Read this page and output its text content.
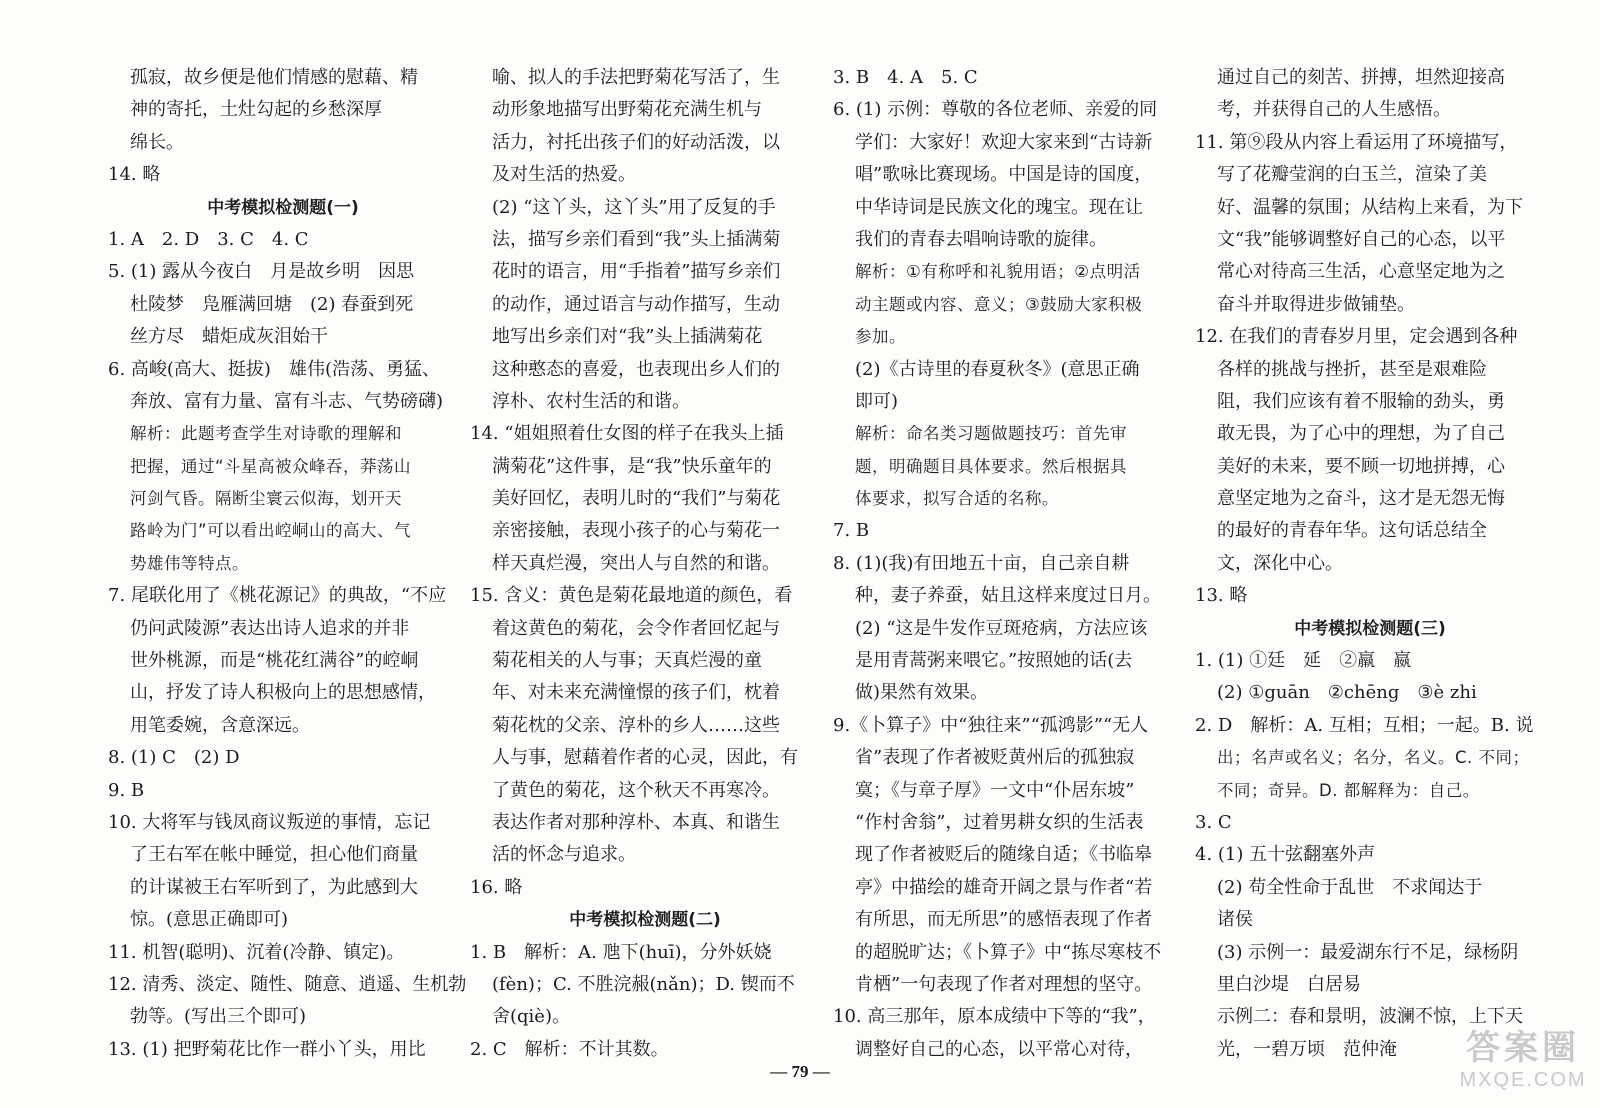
孤寂，故乡便是他们情感的慰藉、精
神的寄托，土灶勾起的乡愁深厚
绵长。
14. 略
中考模拟检测题(一)
1. A　2. D　3. C　4. C
5. (1) 露从今夜白　月是故乡明　因思
杜陵梦　凫雁满回塘　(2) 春蚕到死
丝方尽　蜡炬成灰泪始干
6. 高峻(高大、挺拔)　雄伟(浩荡、勇猛、
奔放、富有力量、富有斗志、气势磅礴)
解析：此题考查学生对诗歌的理解和
把握，通过“斗星高被众峰吞，莽荡山
河剑气昏。隔断尘寰云似海，划开天
路岭为门”可以看出崆峒山的高大、气
势雄伟等特点。
7. 尾联化用了《桃花源记》的典故，“不应
仍问武陵源”表达出诗人追求的并非
世外桃源，而是“桃花红满谷”的崆峒
山，抒发了诗人积极向上的思想感情，
用笔委婉，含意深远。
8. (1) C　(2) D
9. B
10. 大将军与钱凤商议叛逆的事情，忘记
了王右军在帐中睡觉，担心他们商量
的计谋被王右军听到了，为此感到大
惊。(意思正确即可)
11. 机智(聪明)、沉着(冷静、镇定)。
12. 清秀、淡定、随性、随意、逍遥、生机勃
勃等。(写出三个即可)
13. (1) 把野菊花比作一群小丫头，用比
喻、拟人的手法把野菊花写活了，生
动形象地描写出野菊花充满生机与
活力，衬托出孩子们的好动活泼，以
及对生活的热爱。
(2) “这丫头，这丫头”用了反复的手
法，描写乡亲们看到“我”头上插满菊
花时的语言，用“手指着”描写乡亲们
的动作，通过语言与动作描写，生动
地写出乡亲们对“我”头上插满菊花
这种憨态的喜爱，也表现出乡人们的
淳朴、农村生活的和谐。
14. “姐姐照着仕女图的样子在我头上插
满菊花”这件事，是“我”快乐童年的
美好回忆，表明儿时的“我们”与菊花
亲密接触，表现小孩子的心与菊花一
样天真烂漫，突出人与自然的和谐。
15. 含义：黄色是菊花最地道的颜色，看
着这黄色的菊花，会令作者回忆起与
菊花相关的人与事；天真烂漫的童
年、对未来充满憧憬的孩子们，枕着
菊花枕的父亲、淳朴的乡人……这些
人与事，慰藉着作者的心灵，因此，有
了黄色的菊花，这个秋天不再寒冷。
表达作者对那种淳朴、本真、和谐生
活的怀念与追求。
16. 略
中考模拟检测题(二)
1. B　解析：A. 虺下(huī)，分外妖娆
(fèn)；C. 不胜浣赧(nǎn)；D. 锲而不
舍(qiè)。
2. C　解析：不计其数。
3. B　4. A　5. C
6. (1) 示例：尊敬的各位老师、亲爱的同
学们：大家好！欢迎大家来到“古诗新
唱”歌咏比赛现场。中国是诗的国度，
中华诗词是民族文化的瑰宝。现在让
我们的青春去唱响诗歌的旋律。
解析：①有称呼和礼貌用语；②点明活
动主题或内容、意义；③鼓励大家积极
参加。
(2)《古诗里的春夏秋冬》(意思正确
即可)
解析：命名类习题做题技巧：首先审
题，明确题目具体要求。然后根据具
体要求，拟写合适的名称。
7. B
8. (1)(我)有田地五十亩，自己亲自耕
种，妻子养蚕，姑且这样来度过日月。
(2) “这是牛发作豆斑疮病，方法应该
是用青蒿粥来喂它。”按照她的话(去
做)果然有效果。
9.《卜算子》中“独往来”“孤鸿影”“无人
省”表现了作者被贬黄州后的孤独寂
寞；《与章子厚》一文中“仆居东坡”
“作村舍翁”，过着男耕女织的生活表
现了作者被贬后的随缘自适；《书临皋
亭》中描绘的雄奇开阔之景与作者“若
有所思，而无所思”的感悟表现了作者
的超脱旷达；《卜算子》中“拣尽寒枝不
肯栖”一句表现了作者对理想的坚守。
10. 高三那年，原本成绩中下等的“我”，
调整好自己的心态，以平常心对待，
通过自己的刻苦、拼搏，坦然迎接高
考，并获得自己的人生感悟。
11. 第⑨段从内容上看运用了环境描写，
写了花瓣莹润的白玉兰，渲染了美
好、温馨的氛围；从结构上来看，为下
文“我”能够调整好自己的心态，以平
常心对待高三生活，心意坚定地为之
奋斗并取得进步做铺垫。
12. 在我们的青春岁月里，定会遇到各种
各样的挑战与挫折，甚至是艰难险
阻，我们应该有着不服输的劲头，勇
敢无畏，为了心中的理想，为了自己
美好的未来，要不顾一切地拼搏，心
意坚定地为之奋斗，这才是无怨无悔
的最好的青春年华。这句话总结全
文，深化中心。
13. 略
中考模拟检测题(三)
1. (1) ①廷　延　②羸　嬴
(2) ①guān　②chēng　③è zhi
2. D　解析：A. 互相；互相；一起。B. 说
出；名声或名义；名分，名义。C. 不同；
不同；奇异。D. 都解释为：自己。
3. C
4. (1) 五十弦翻塞外声
(2) 苟全性命于乱世　不求闻达于
诸侯
(3) 示例一：最爱湖东行不足，绿杨阴
里白沙堤　白居易
示例二：春和景明，波澜不惊，上下天
光，一碧万顷　范仲淹
— 79 —
答案圈
MXQE.COM
